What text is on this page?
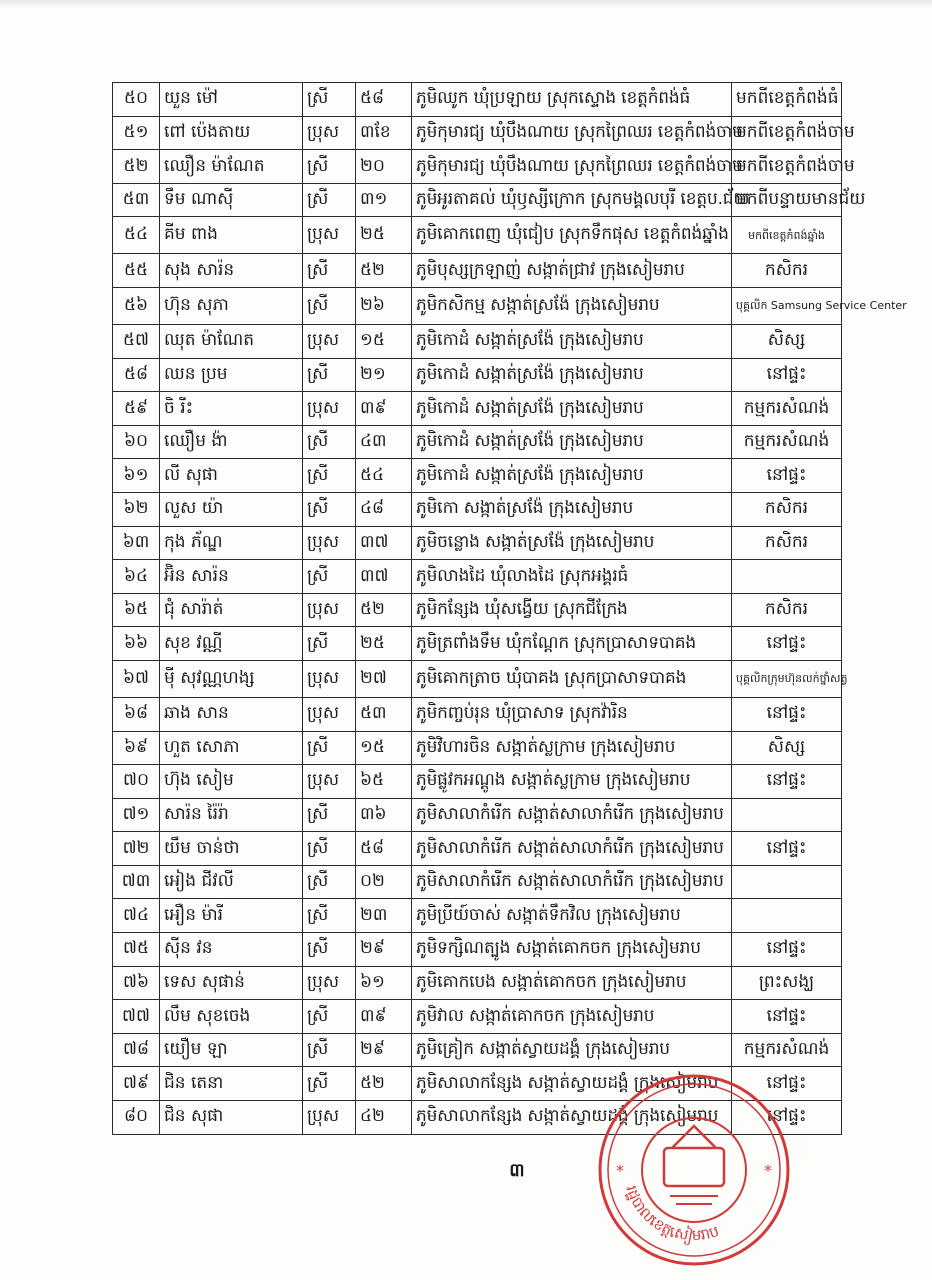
៥០	យួន ម៉ៅ	ស្រី	៥៨	ភូមិឈូក ឃុំប្រឡាយ ស្រុកស្ទោង ខេត្តកំពង់ធំ	មកពីខេត្តកំពង់ធំ
៥១	ពៅ ប៉េងតាយ	ប្រុស	៣ខែ	ភូមិកុមារជ្យ ឃុំបឹងណាយ ស្រុកព្រៃឈរ ខេត្តកំពង់ចាម	មកពីខេត្តកំពង់ចាម
៥២	ឈឿន ម៉ាណែត	ស្រី	២០	ភូមិកុមារជ្យ ឃុំបឹងណាយ ស្រុកព្រៃឈរ ខេត្តកំពង់ចាម	មកពីខេត្តកំពង់ចាម
៥៣	ទឹម ណាស៊ី	ស្រី	៣១	ភូមិអូរតាគល់ ឃុំឫស្សីក្រោក ស្រុកមង្គលបុរី ខេត្តប.ជ័យ	មកពីបន្ទាយមានជ័យ
៥៤	គីម ពាង	ប្រុស	២៥	ភូមិគោកពេញ ឃុំជៀប ស្រុកទឹកផុស ខេត្តកំពង់ឆ្នាំង	មកពីខេត្តកំពង់ឆ្នាំង
៥៥	សុង សារ៉ន	ស្រី	៥២	ភូមិបុស្សក្រឡាញ់ សង្កាត់ជ្រាវ ក្រុងសៀមរាប	កសិករ
៥៦	ហ៊ុន សុភា	ស្រី	២៦	ភូមិកសិកម្ម សង្កាត់ស្រង៉ែ ក្រុងសៀមរាប	បុគ្គលិក Samsung Service Center
៥៧	ឈុត ម៉ាណែត	ប្រុស	១៥	ភូមិកោដំ សង្កាត់ស្រង៉ែ ក្រុងសៀមរាប	សិស្ស
៥៨	ឈន ប្រម	ស្រី	២១	ភូមិកោដំ សង្កាត់ស្រង៉ែ ក្រុងសៀមរាប	នៅផ្ទះ
៥៩	ចិ រីះ	ប្រុស	៣៩	ភូមិកោដំ សង្កាត់ស្រង៉ែ ក្រុងសៀមរាប	កម្មករសំណង់
៦០	ឈឿម ង៉ា	ស្រី	៤៣	ភូមិកោដំ សង្កាត់ស្រង៉ែ ក្រុងសៀមរាប	កម្មករសំណង់
៦១	លី សុផា	ស្រី	៥៤	ភូមិកោដំ សង្កាត់ស្រង៉ែ ក្រុងសៀមរាប	នៅផ្ទះ
៦២	លួស យ៉ា	ស្រី	៤៨	ភូមិកោ សង្កាត់ស្រង៉ែ ក្រុងសៀមរាប	កសិករ
៦៣	កុង ភ័ណ្ឌ	ប្រុស	៣៧	ភូមិចន្លោង សង្កាត់ស្រង៉ែ ក្រុងសៀមរាប	កសិករ
៦៤	អ៊ិន សារ៉ន	ស្រី	៣៧	ភូមិលាងដៃ ឃុំលាងដៃ ស្រុកអង្គរធំ	
៦៥	ជុំ សារ៉ាត់	ប្រុស	៥២	ភូមិកន្សែង ឃុំសង្វើយ ស្រុកជីក្រែង	កសិករ
៦៦	សុខ វណ្ណី	ស្រី	២៥	ភូមិត្រពាំងទឹម ឃុំកណ្ដែក ស្រុកប្រាសាទបាគង	នៅផ្ទះ
៦៧	ម៉ី សុវណ្ណហង្ស	ប្រុស	២៧	ភូមិគោកត្រាច ឃុំបាគង ស្រុកប្រាសាទបាគង	បុគ្គលិកក្រុមហ៊ុនលក់ថ្នាំសត្វ
៦៨	ឆាង សាន	ប្រុស	៥៣	ភូមិកញ្ចប់រុន ឃុំប្រាសាទ ស្រុកវ៉ារិន	នៅផ្ទះ
៦៩	ហួត សោភា	ស្រី	១៥	ភូមិវិហារចិន សង្កាត់ស្លក្រាម ក្រុងសៀមរាប	សិស្ស
៧០	ហ៊ុង សៀម	ប្រុស	៦៥	ភូមិផ្លូវកអណ្ដូង សង្កាត់ស្លក្រាម ក្រុងសៀមរាប	នៅផ្ទះ
៧១	សារ៉ន រ៉ៃរ៉ា	ស្រី	៣៦	ភូមិសាលាកំរើក សង្កាត់សាលាកំរើក ក្រុងសៀមរាប	
៧២	យឹម ចាន់ថា	ស្រី	៥៨	ភូមិសាលាកំរើក សង្កាត់សាលាកំរើក ក្រុងសៀមរាប	នៅផ្ទះ
៧៣	អៀង ជីវលី	ស្រី	០២	ភូមិសាលាកំរើក សង្កាត់សាលាកំរើក ក្រុងសៀមរាប	
៧៤	អឿន ម៉ារី	ស្រី	២៣	ភូមិប្រីយ៍ចាស់ សង្កាត់ទឹកវិល ក្រុងសៀមរាប	
៧៥	ស៊ីន វន	ស្រី	២៩	ភូមិទក្សិណត្បូង សង្កាត់គោកចក ក្រុងសៀមរាប	នៅផ្ទះ
៧៦	ទេស សុផាន់	ប្រុស	៦១	ភូមិគោកបេង សង្កាត់គោកចក ក្រុងសៀមរាប	ព្រះសង្ឃ
៧៧	លឹម សុខចេង	ស្រី	៣៩	ភូមិវាល សង្កាត់គោកចក ក្រុងសៀមរាប	នៅផ្ទះ
៧៨	យឿម ឡា	ស្រី	២៩	ភូមិគ្រៀក សង្កាត់ស្វាយដង្គំ ក្រុងសៀមរាប	កម្មករសំណង់
៧៩	ជិន តេនា	ស្រី	៥២	ភូមិសាលាកន្សែង សង្កាត់ស្វាយដង្គំ ក្រុងសៀមរាប	នៅផ្ទះ
៨០	ជិន សុផា	ប្រុស	៤២	ភូមិសាលាកន្សែង សង្កាត់ស្វាយដង្គំ ក្រុងសៀមរាប	នៅផ្ទះ
៣
រដ្ឋបាលខេត្តសៀមរាប
*	*
